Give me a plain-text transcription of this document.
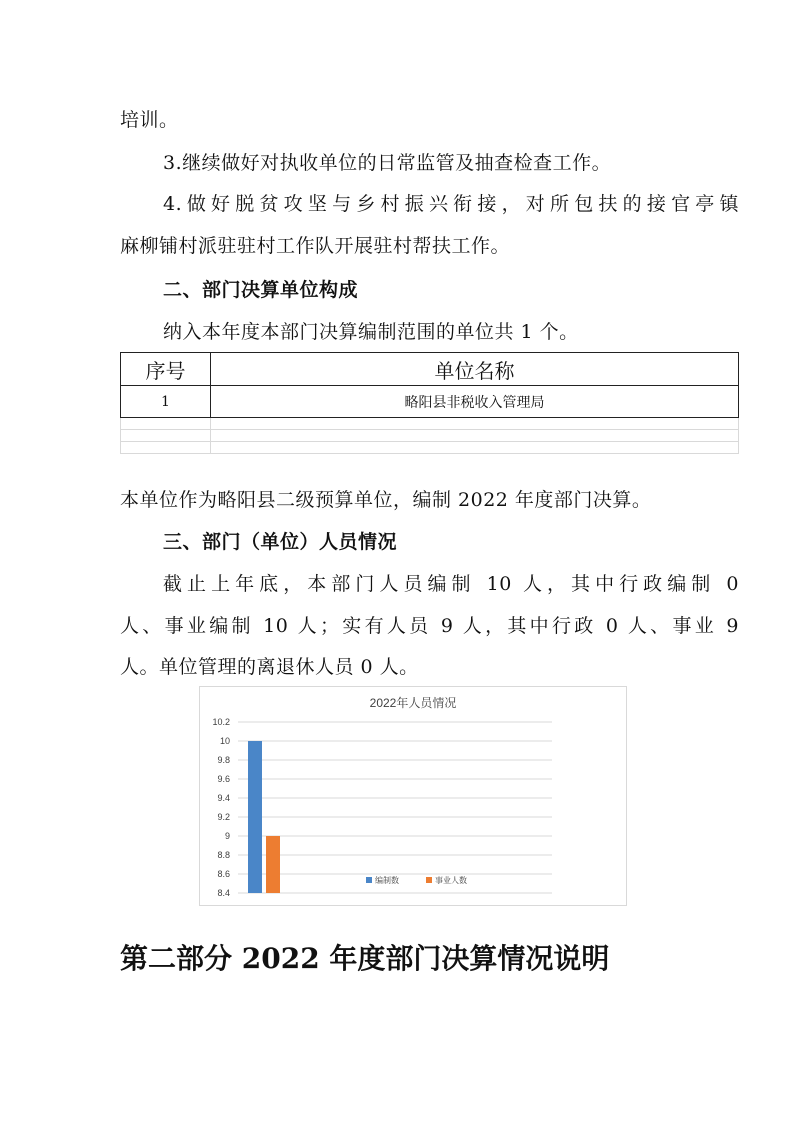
培训。
3.继续做好对执收单位的日常监管及抽查检查工作。
4.做好脱贫攻坚与乡村振兴衔接，对所包扶的接官亭镇
麻柳铺村派驻驻村工作队开展驻村帮扶工作。
二、部门决算单位构成
纳入本年度本部门决算编制范围的单位共 1 个。
序号	单位名称
1	略阳县非税收入管理局

本单位作为略阳县二级预算单位，编制 2022 年度部门决算。
三、部门（单位）人员情况
截止上年底，本部门人员编制 10 人，其中行政编制 0
人、事业编制 10 人；实有人员 9 人，其中行政 0 人、事业 9
人。单位管理的离退休人员 0 人。
2022年人员情况
10.2
10
9.8
9.6
9.4
9.2
9
8.8
8.6
8.4
编制数	事业人数
第二部分 2022 年度部门决算情况说明
